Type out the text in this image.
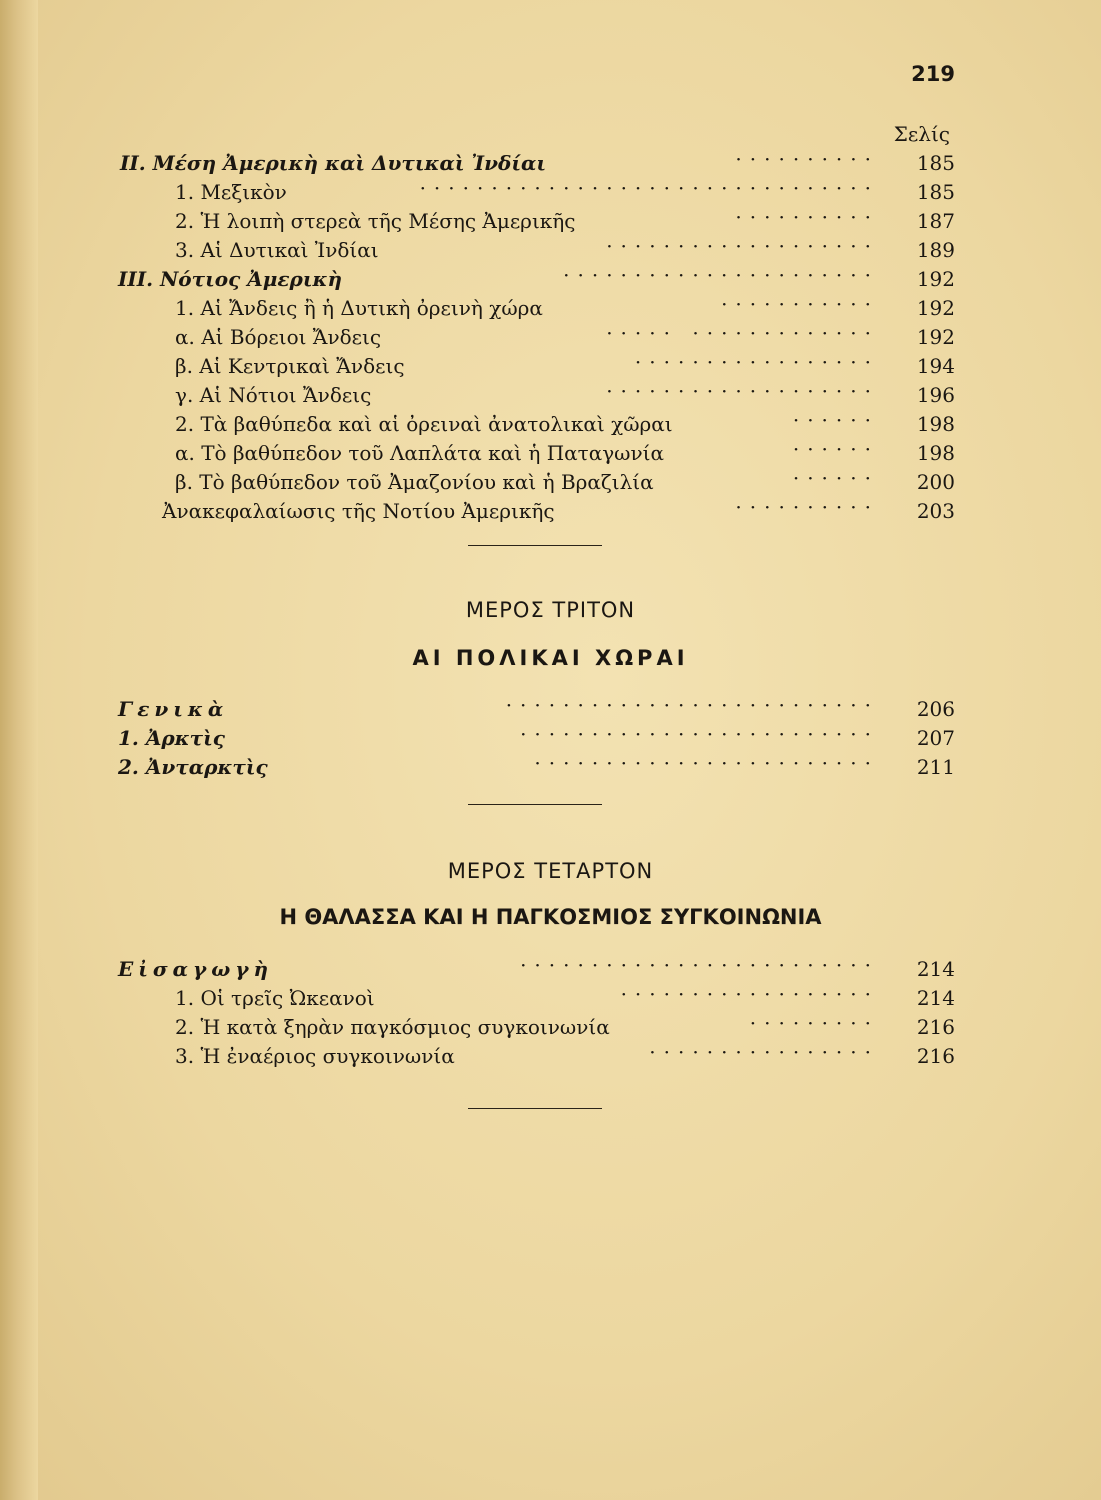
219
Σελίς
II. Μέση Ἀμερικὴ καὶ Δυτικαὶ Ἰνδίαι	··········	185
1. Μεξικὸν	································	185
2. Ἡ λοιπὴ στερεὰ τῆς Μέσης Ἀμερικῆς	··········	187
3. Αἱ Δυτικαὶ Ἰνδίαι	···················	189
III. Νότιος Ἀμερικὴ	······················	192
1. Αἱ Ἄνδεις ἢ ἡ Δυτικὴ ὀρεινὴ χώρα	···········	192
α. Αἱ Βόρειοι Ἄνδεις	····· ·············	192
β. Αἱ Κεντρικαὶ Ἄνδεις	·················	194
γ. Αἱ Νότιοι Ἄνδεις	···················	196
2. Τὰ βαθύπεδα καὶ αἱ ὀρειναὶ ἀνατολικαὶ χῶραι	······	198
α. Τὸ βαθύπεδον τοῦ Λαπλάτα καὶ ἡ Παταγωνία	······	198
β. Τὸ βαθύπεδον τοῦ Ἀμαζονίου καὶ ἡ Βραζιλία	······	200
Ἀνακεφαλαίωσις τῆς Νοτίου Ἀμερικῆς	··········	203
ΜΕΡΟΣ ΤΡΙΤΟΝ
ΑΙ ΠΟΛΙΚΑΙ ΧΩΡΑΙ
Γενικὰ	··························	206
1. Ἀρκτὶς	·························	207
2. Ἀνταρκτὶς	························	211
ΜΕΡΟΣ ΤΕΤΑΡΤΟΝ
Η ΘΑΛΑΣΣΑ ΚΑΙ Η ΠΑΓΚΟΣΜΙΟΣ ΣΥΓΚΟΙΝΩΝΙΑ
Εἰσαγωγὴ	·························	214
1. Οἱ τρεῖς Ὠκεανοὶ	··················	214
2. Ἡ κατὰ ξηρὰν παγκόσμιος συγκοινωνία	·········	216
3. Ἡ ἐναέριος συγκοινωνία	················	216
